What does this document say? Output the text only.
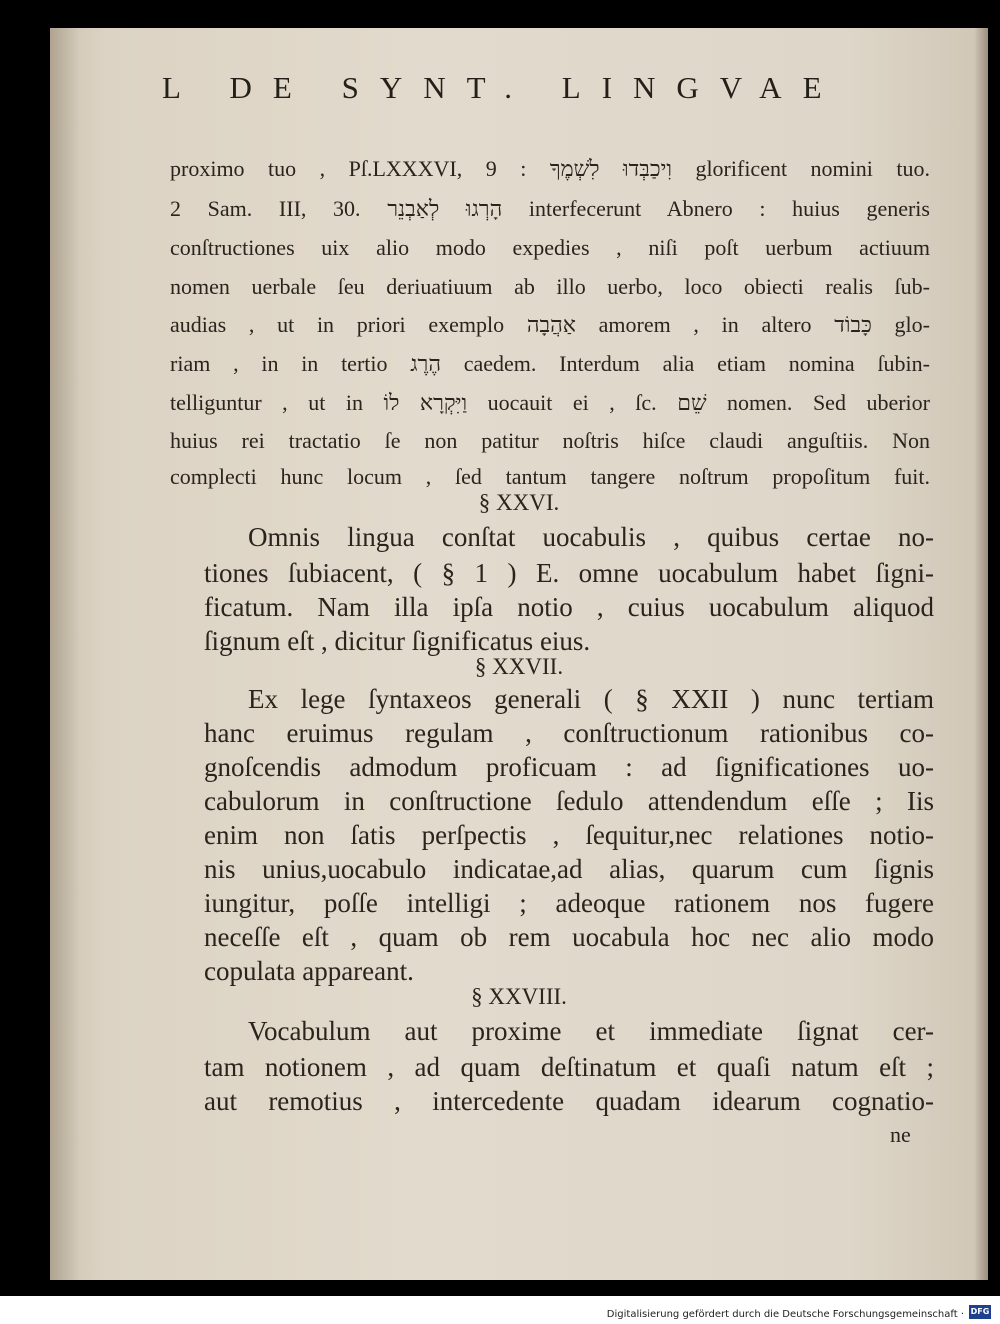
L DE SYNT. LINGVAE
proximo tuo , Pſ.LXXXVI, 9 : וִיכַבְּדוּ לִשְׁמֶךָ glorificent nomini tuo.
2 Sam. III, 30. הָרְגוּ לְאַבְנֵר interfecerunt Abnero : huius generis
conſtructiones uix alio modo expedies , niſi poſt uerbum actiuum
nomen uerbale ſeu deriuatiuum ab illo uerbo, loco obiecti realis ſub-
audias , ut in priori exemplo אַהֲבָה amorem , in altero כָּבוֹד glo-
riam , in in tertio הֶרֶג caedem. Interdum alia etiam nomina ſubin-
telliguntur , ut in וַיִּקְרָא לוֹ uocauit ei , ſc. שֵׁם nomen. Sed uberior
huius rei tractatio ſe non patitur noſtris hiſce claudi anguſtiis. Non
complecti hunc locum , ſed tantum tangere noſtrum propoſitum fuit.
§ XXVI.
Omnis lingua conſtat uocabulis , quibus certae no-
tiones ſubiacent, ( § 1 ) E. omne uocabulum habet ſigni-
ficatum. Nam illa ipſa notio , cuius uocabulum aliquod
ſignum eſt , dicitur ſignificatus eius.
§ XXVII.
Ex lege ſyntaxeos generali ( § XXII ) nunc tertiam
hanc eruimus regulam , conſtructionum rationibus co-
gnoſcendis admodum proficuam : ad ſignificationes uo-
cabulorum in conſtructione ſedulo attendendum eſſe ; Iis
enim non ſatis perſpectis , ſequitur,nec relationes notio-
nis unius,uocabulo indicatae,ad alias, quarum cum ſignis
iungitur, poſſe intelligi ; adeoque rationem nos fugere
neceſſe eſt , quam ob rem uocabula hoc nec alio modo
copulata appareant.
§ XXVIII.
Vocabulum aut proxime et immediate ſignat cer-
tam notionem , ad quam deſtinatum et quaſi natum eſt ;
aut remotius , intercedente quadam idearum cognatio-
ne
Digitalisierung gefördert durch die Deutsche Forschungsgemeinschaft · DFG
